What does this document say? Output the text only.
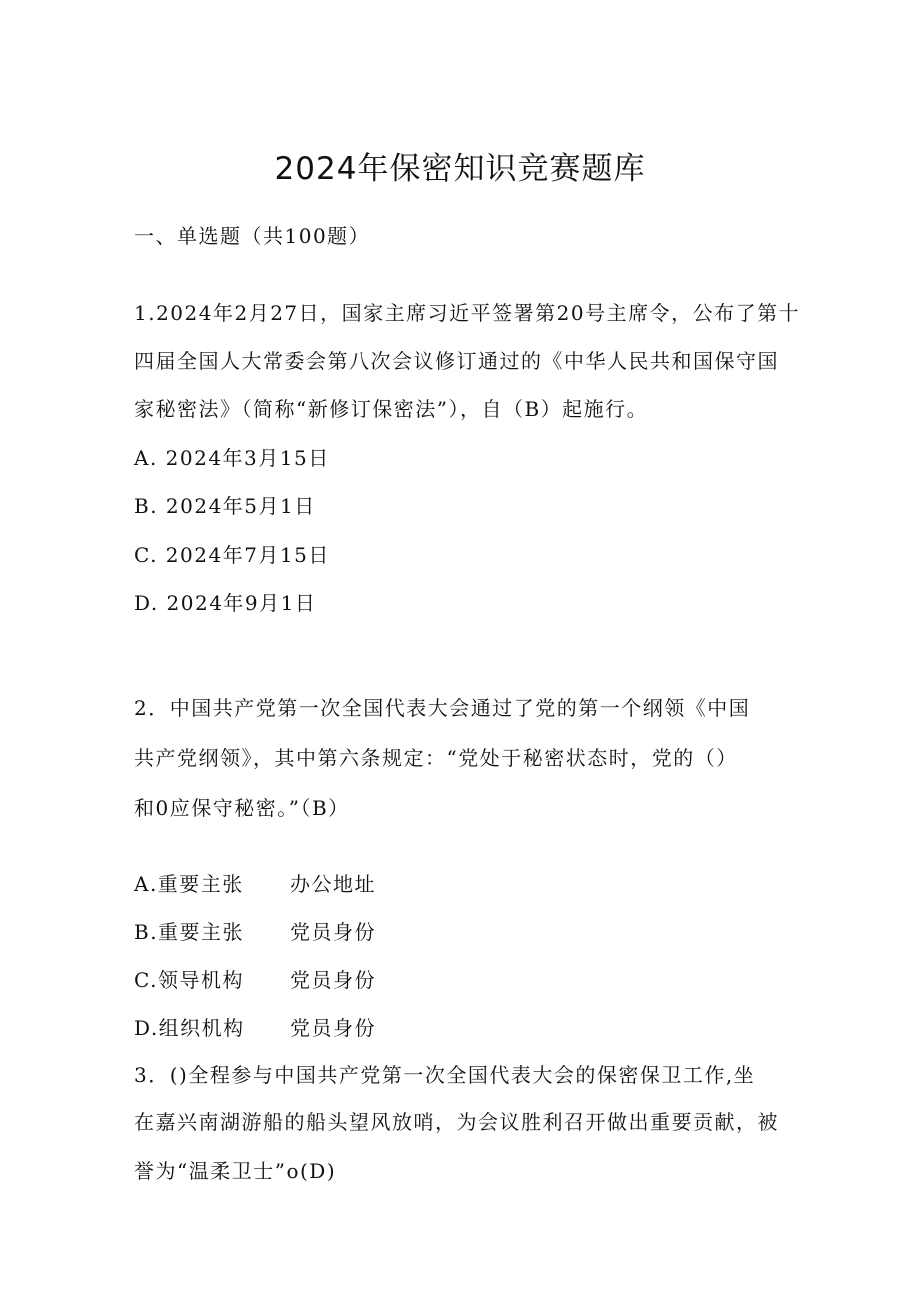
2024年保密知识竞赛题库
一、单选题（共100题）
1.2024年2月27日，国家主席习近平签署第20号主席令，公布了第十
四届全国人大常委会第八次会议修订通过的《中华人民共和国保守国
家秘密法》（简称“新修订保密法”），自（B）起施行。
A. 2024年3月15日
B. 2024年5月1日
C. 2024年7月15日
D. 2024年9月1日
2．中国共产党第一次全国代表大会通过了党的第一个纲领《中国
共产党纲领》，其中第六条规定：“党处于秘密状态时，党的（）
和0应保守秘密。”（B）
A.重要主张 办公地址
B.重要主张 党员身份
C.领导机构 党员身份
D.组织机构 党员身份
3．()全程参与中国共产党第一次全国代表大会的保密保卫工作,坐
在嘉兴南湖游船的船头望风放哨，为会议胜利召开做出重要贡献，被
誉为“温柔卫士”o(D)
